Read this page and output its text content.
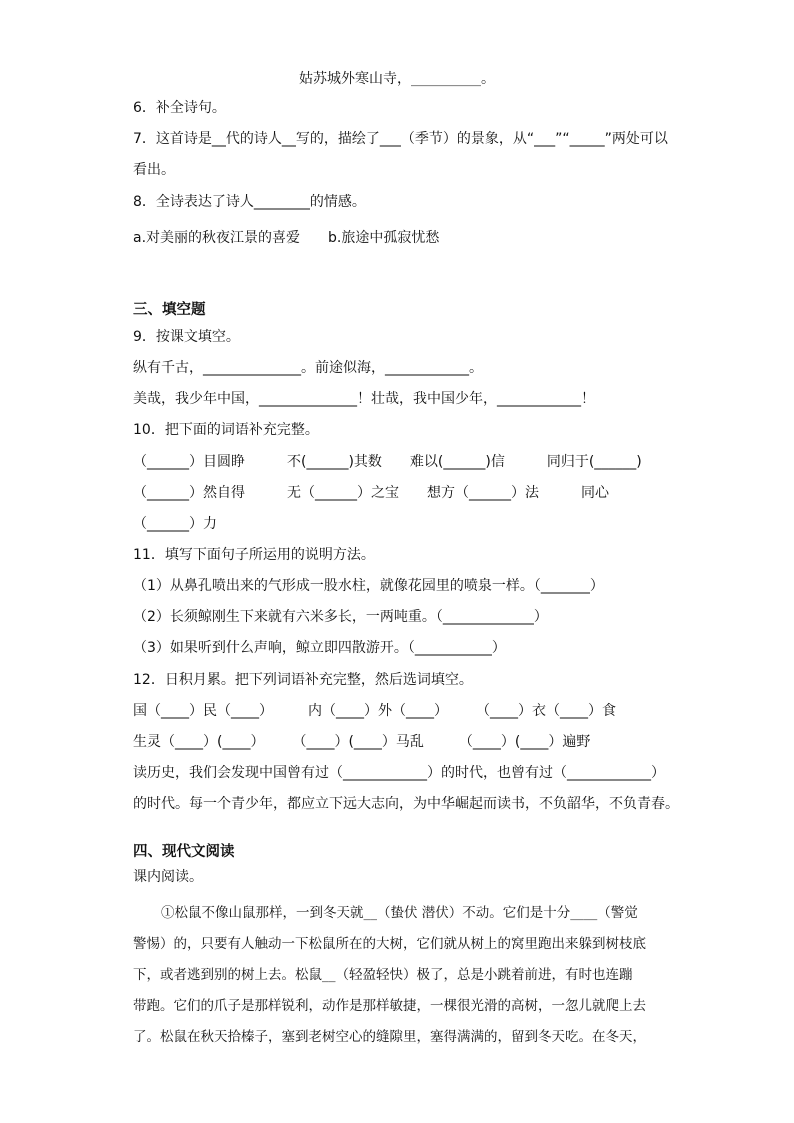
姑苏城外寒山寺，__________。
6．补全诗句。
7．这首诗是__代的诗人__写的，描绘了___（季节）的景象，从“___”“_____”两处可以
看出。
8．全诗表达了诗人________的情感。
a.对美丽的秋夜江景的喜爱　　b.旅途中孤寂忧愁
三、填空题
9．按课文填空。
纵有千古，______________。前途似海，____________。
美哉，我少年中国，______________！壮哉，我中国少年，____________！
10．把下面的词语补充完整。
（______）目圆睁　　　不(______)其数　　难以(______)信　　　同归于(______)
（______）然自得　　　无（______）之宝　　想方（______）法　　　同心
（______）力
11．填写下面句子所运用的说明方法。
（1）从鼻孔喷出来的气形成一股水柱，就像花园里的喷泉一样。（_______）
（2）长须鲸刚生下来就有六米多长，一两吨重。（_____________）
（3）如果听到什么声响，鲸立即四散游开。（___________）
12．日积月累。把下列词语补充完整，然后选词填空。
国（____）民（____）　　　内（____）外（____）　　　（____）衣（____）食
生灵（____）(____）　　　（____）(____）马乱　　　（____）(____）遍野
读历史，我们会发现中国曾有过（____________）的时代，也曾有过（____________）
的时代。每一个青少年，都应立下远大志向，为中华崛起而读书，不负韶华，不负青春。
四、现代文阅读
课内阅读。
①松鼠不像山鼠那样，一到冬天就__（蛰伏 潜伏）不动。它们是十分____（警觉
警惕）的，只要有人触动一下松鼠所在的大树，它们就从树上的窝里跑出来躲到树枝底
下，或者逃到别的树上去。松鼠__（轻盈轻快）极了，总是小跳着前进，有时也连蹦
带跑。它们的爪子是那样锐利，动作是那样敏捷，一棵很光滑的高树，一忽儿就爬上去
了。松鼠在秋天拾榛子，塞到老树空心的缝隙里，塞得满满的，留到冬天吃。在冬天，
